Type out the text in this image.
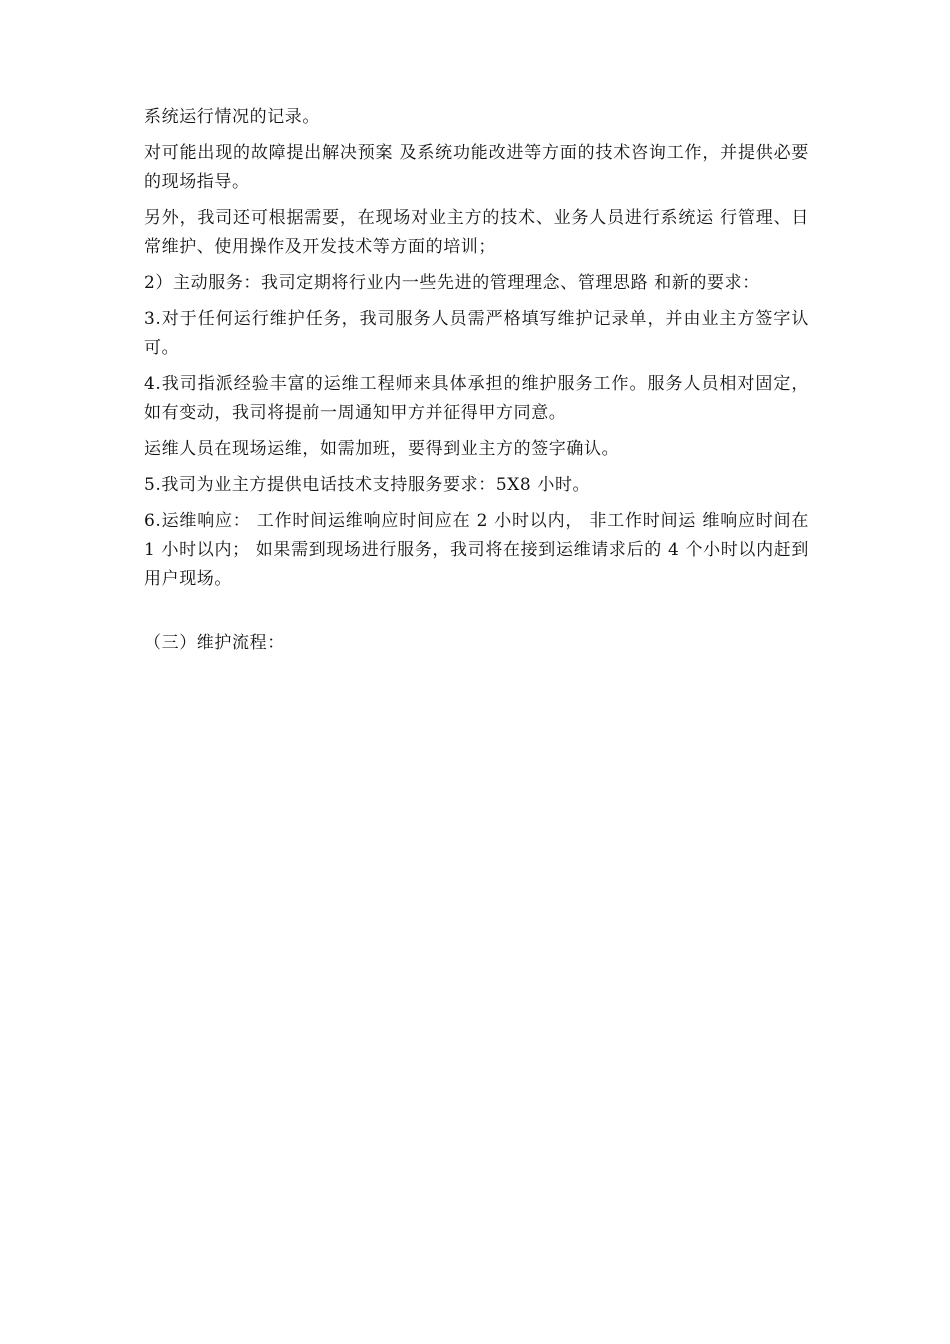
系统运行情况的记录。

对可能出现的故障提出解决预案 及系统功能改进等方面的技术咨询工作，并提供必要的现场指导。

另外，我司还可根据需要，在现场对业主方的技术、业务人员进行系统运 行管理、日常维护、使用操作及开发技术等方面的培训；

2）主动服务：我司定期将行业内一些先进的管理理念、管理思路 和新的要求：

3.对于任何运行维护任务，我司服务人员需严格填写维护记录单，并由业主方签字认可。

4.我司指派经验丰富的运维工程师来具体承担的维护服务工作。服务人员相对固定，如有变动，我司将提前一周通知甲方并征得甲方同意。

运维人员在现场运维，如需加班，要得到业主方的签字确认。

5.我司为业主方提供电话技术支持服务要求：5X8 小时。

6.运维响应： 工作时间运维响应时间应在 2 小时以内， 非工作时间运 维响应时间在 1 小时以内； 如果需到现场进行服务，我司将在接到运维请求后的 4 个小时以内赶到用户现场。

（三）维护流程：
